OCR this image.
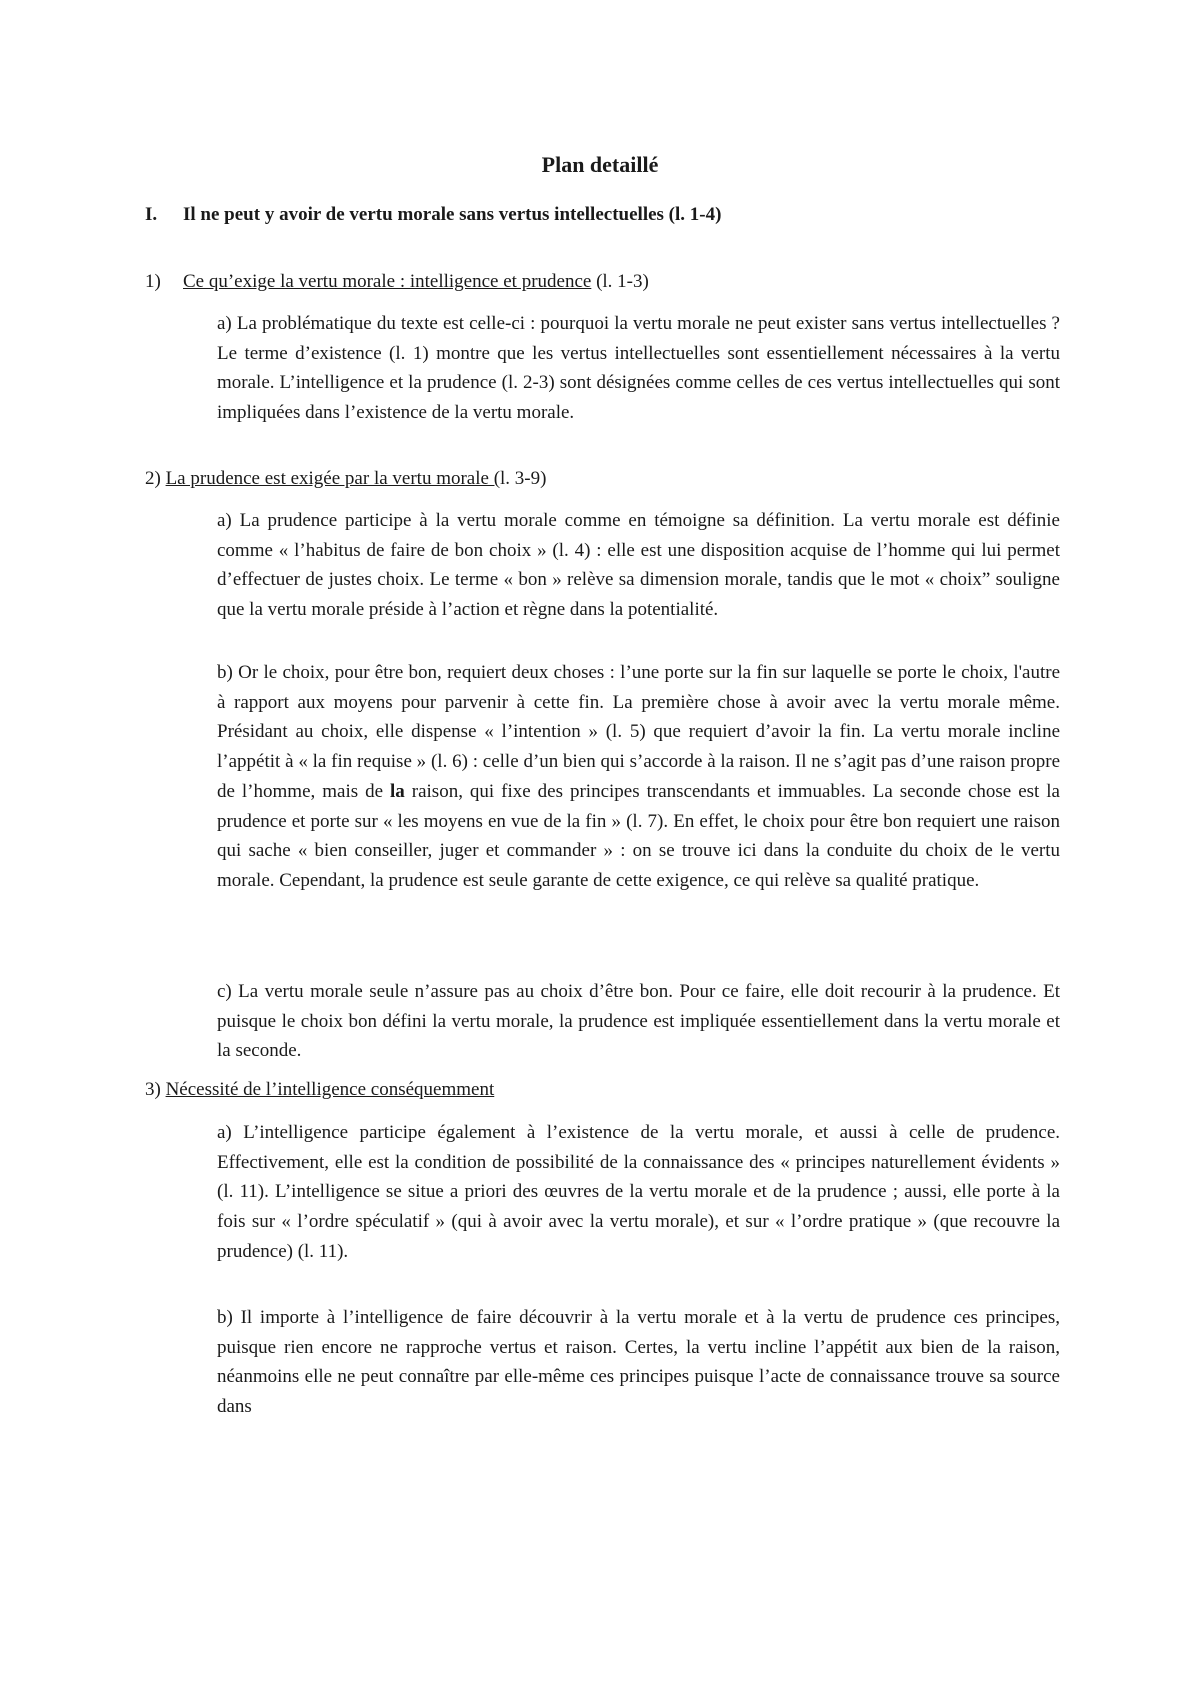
Plan detaillé
I. Il ne peut y avoir de vertu morale sans vertus intellectuelles (l. 1-4)
1) Ce qu’exige la vertu morale : intelligence et prudence (l. 1-3)
a) La problématique du texte est celle-ci : pourquoi la vertu morale ne peut exister sans vertus intellectuelles ? Le terme d’existence (l. 1) montre que les vertus intellectuelles sont essentiellement nécessaires à la vertu morale. L’intelligence et la prudence (l. 2-3) sont désignées comme celles de ces vertus intellectuelles qui sont impliquées dans l’existence de la vertu morale.
2) La prudence est exigée par la vertu morale (l. 3-9)
a) La prudence participe à la vertu morale comme en témoigne sa définition. La vertu morale est définie comme « l’habitus de faire de bon choix » (l. 4) : elle est une disposition acquise de l’homme qui lui permet d’effectuer de justes choix. Le terme « bon » relève sa dimension morale, tandis que le mot « choix” souligne que la vertu morale préside à l’action et règne dans la potentialité.
b) Or le choix, pour être bon, requiert deux choses : l’une porte sur la fin sur laquelle se porte le choix, l'autre à rapport aux moyens pour parvenir à cette fin. La première chose à avoir avec la vertu morale même. Présidant au choix, elle dispense « l’intention » (l. 5) que requiert d’avoir la fin. La vertu morale incline l’appétit à « la fin requise » (l. 6) : celle d’un bien qui s’accorde à la raison. Il ne s’agit pas d’une raison propre de l’homme, mais de la raison, qui fixe des principes transcendants et immuables. La seconde chose est la prudence et porte sur « les moyens en vue de la fin » (l. 7). En effet, le choix pour être bon requiert une raison qui sache « bien conseiller, juger et commander » : on se trouve ici dans la conduite du choix de le vertu morale. Cependant, la prudence est seule garante de cette exigence, ce qui relève sa qualité pratique.
c) La vertu morale seule n’assure pas au choix d’être bon. Pour ce faire, elle doit recourir à la prudence. Et puisque le choix bon défini la vertu morale, la prudence est impliquée essentiellement dans la vertu morale et la seconde.
3) Nécessité de l’intelligence conséquemment
a) L’intelligence participe également à l’existence de la vertu morale, et aussi à celle de prudence. Effectivement, elle est la condition de possibilité de la connaissance des « principes naturellement évidents » (l. 11). L’intelligence se situe a priori des œuvres de la vertu morale et de la prudence ; aussi, elle porte à la fois sur « l’ordre spéculatif » (qui à avoir avec la vertu morale), et sur « l’ordre pratique » (que recouvre la prudence) (l. 11).
b) Il importe à l’intelligence de faire découvrir à la vertu morale et à la vertu de prudence ces principes, puisque rien encore ne rapproche vertus et raison. Certes, la vertu incline l’appétit aux bien de la raison, néanmoins elle ne peut connaître par elle-même ces principes puisque l’acte de connaissance trouve sa source dans
